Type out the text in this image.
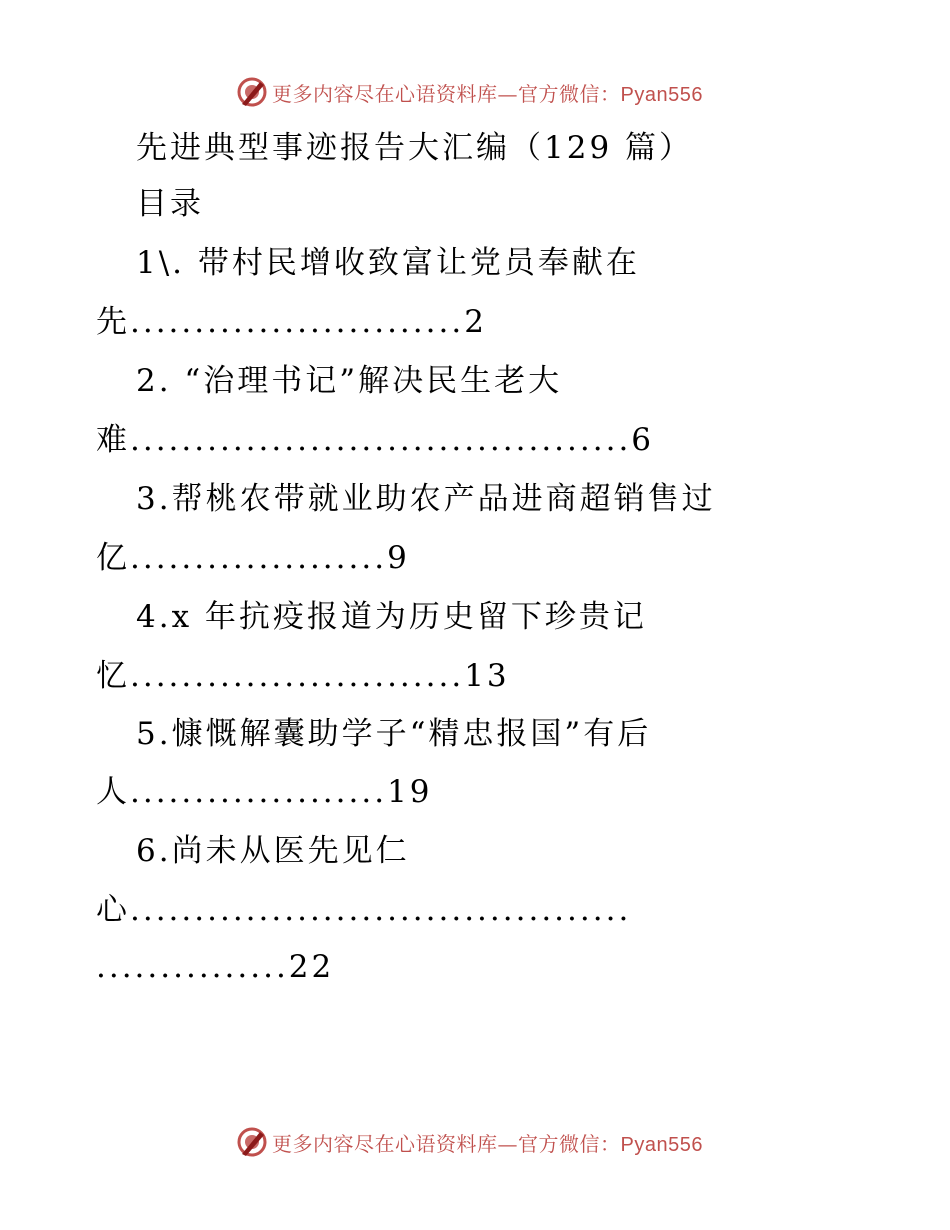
更多内容尽在心语资料库—官方微信：Pyan556
先进典型事迹报告大汇编（129 篇）
目录
1\. 带村民增收致富让党员奉献在
先..........................2
2. “治理书记”解决民生老大
难.......................................6
3.帮桃农带就业助农产品进商超销售过
亿....................9
4.x 年抗疫报道为历史留下珍贵记
忆..........................13
5.慷慨解囊助学子“精忠报国”有后
人....................19
6.尚未从医先见仁
心.......................................
...............22
更多内容尽在心语资料库—官方微信：Pyan556
